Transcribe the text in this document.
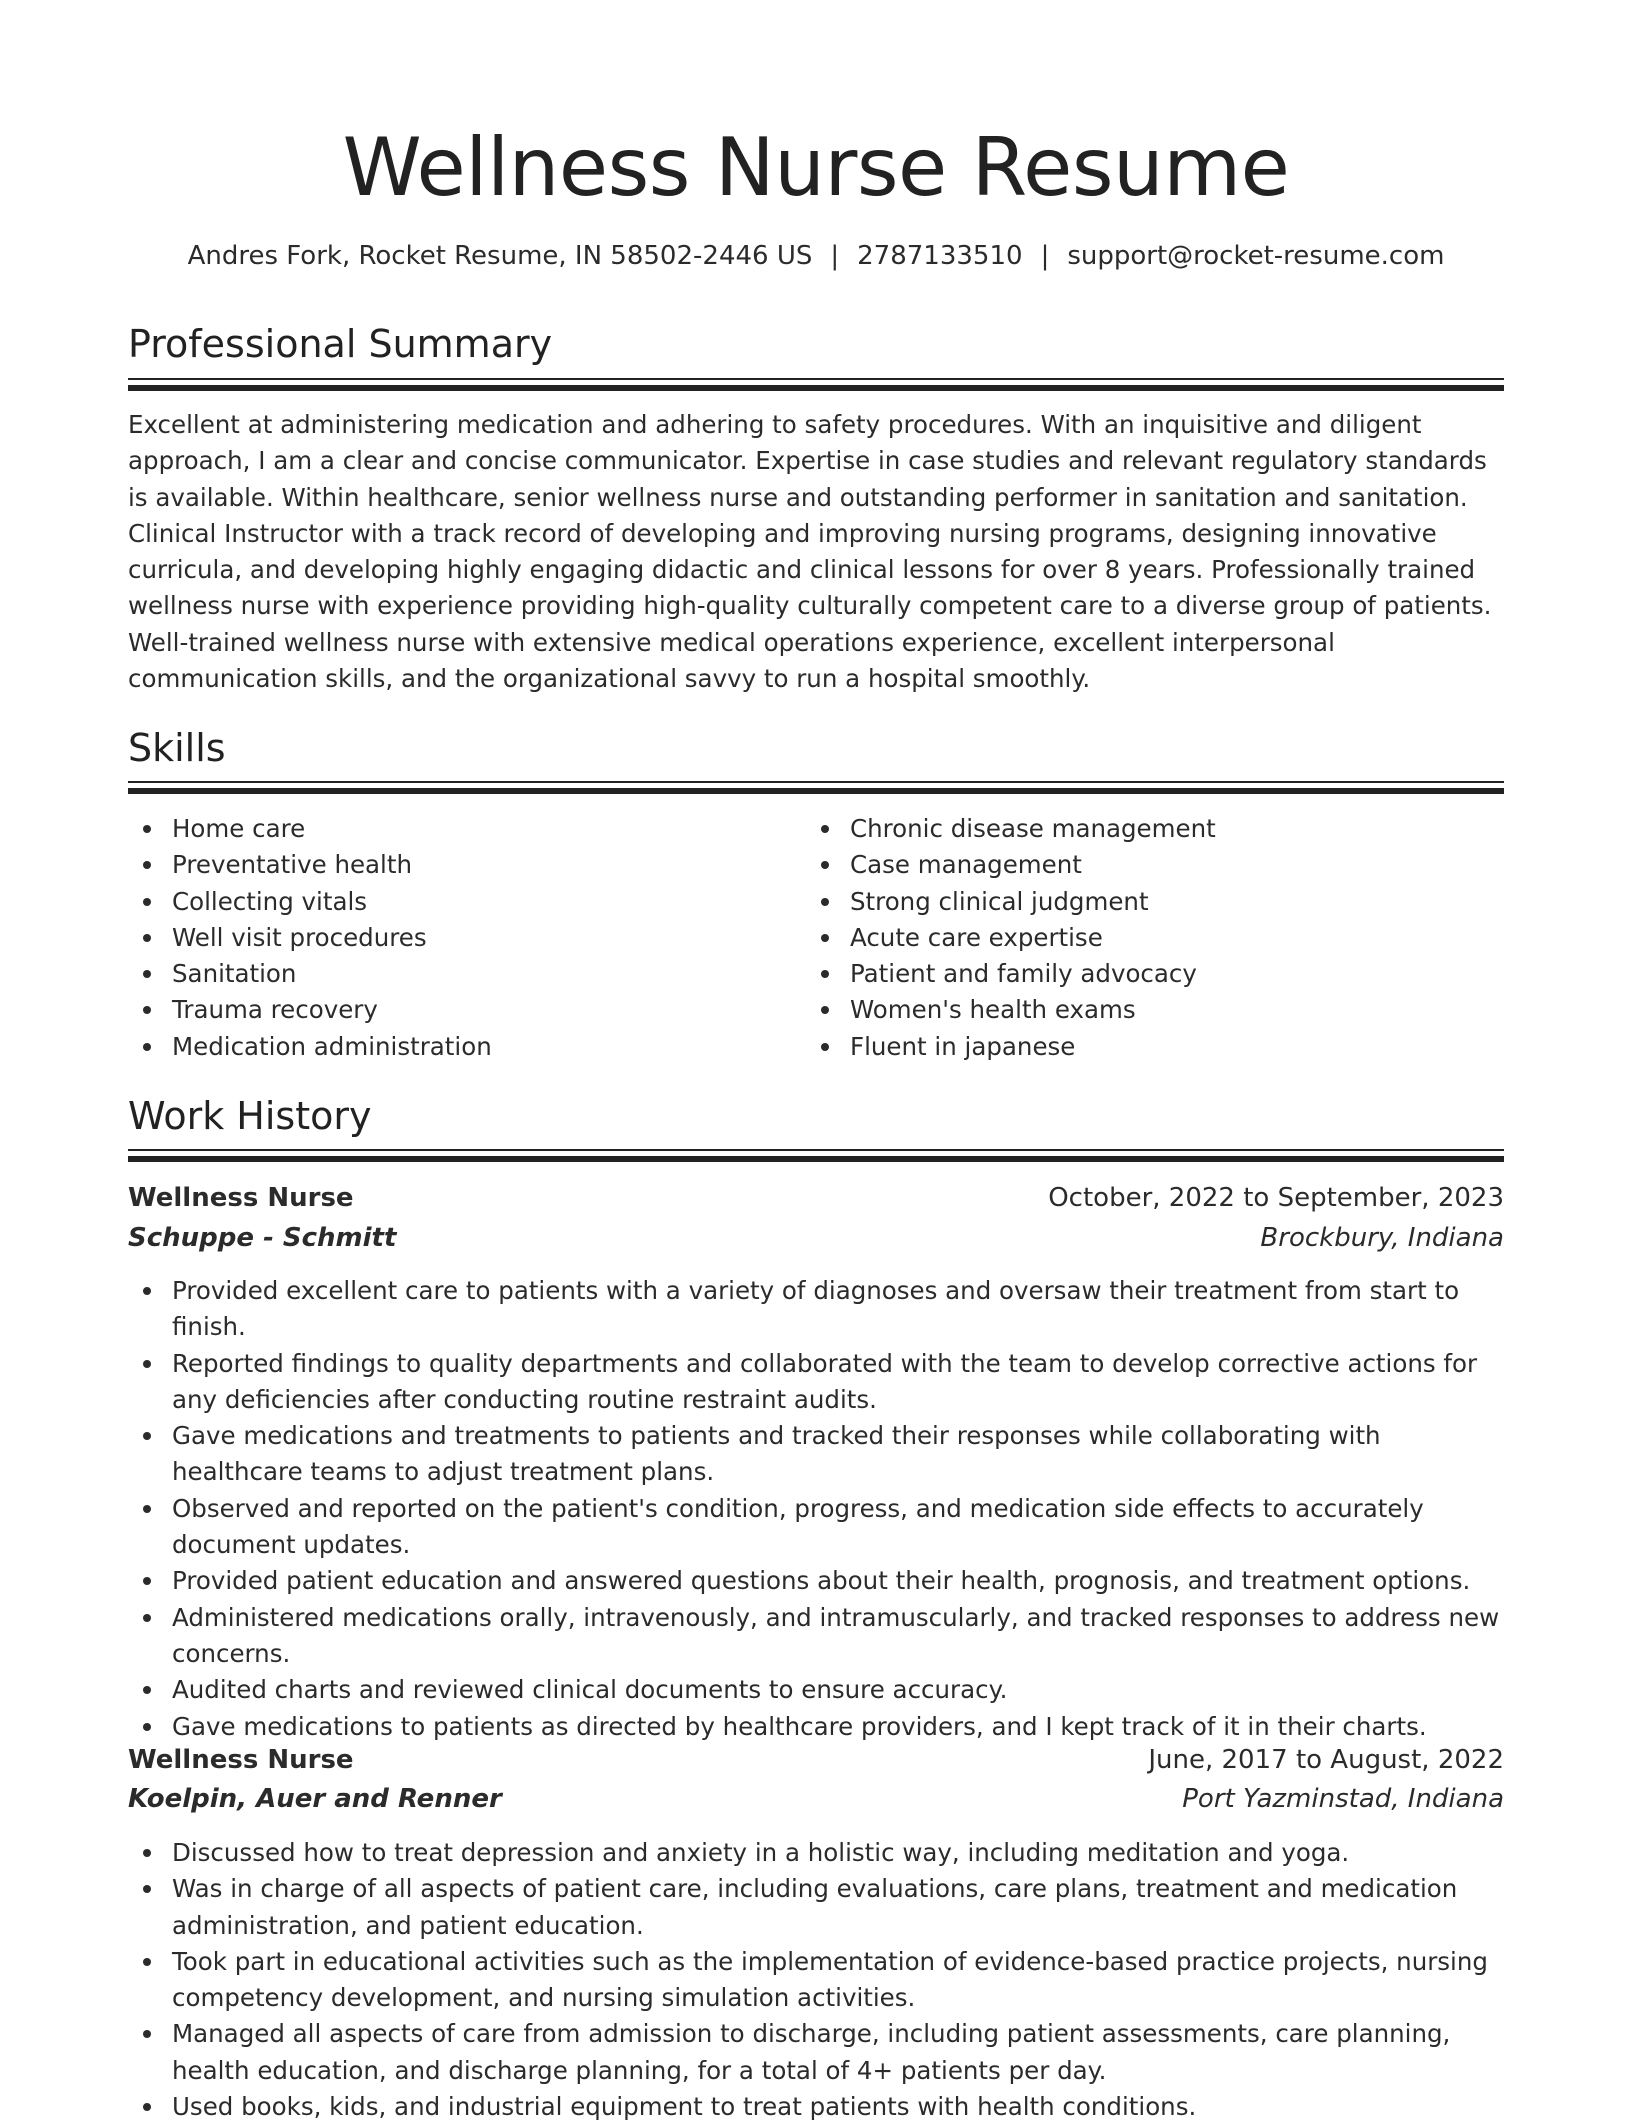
Wellness Nurse Resume
Andres Fork, Rocket Resume, IN 58502-2446 US | 2787133510 | support@rocket-resume.com
Professional Summary

Excellent at administering medication and adhering to safety procedures. With an inquisitive and diligent approach, I am a clear and concise communicator. Expertise in case studies and relevant regulatory standards is available. Within healthcare, senior wellness nurse and outstanding performer in sanitation and sanitation. Clinical Instructor with a track record of developing and improving nursing programs, designing innovative curricula, and developing highly engaging didactic and clinical lessons for over 8 years. Professionally trained wellness nurse with experience providing high-quality culturally competent care to a diverse group of patients. Well-trained wellness nurse with extensive medical operations experience, excellent interpersonal communication skills, and the organizational savvy to run a hospital smoothly.

Skills
Home care
Preventative health
Collecting vitals
Well visit procedures
Sanitation
Trauma recovery
Medication administration
Chronic disease management
Case management
Strong clinical judgment
Acute care expertise
Patient and family advocacy
Women's health exams
Fluent in japanese
Work History
Wellness Nurse	October, 2022 to September, 2023
Schuppe - Schmitt	Brockbury, Indiana
Provided excellent care to patients with a variety of diagnoses and oversaw their treatment from start to finish.
Reported findings to quality departments and collaborated with the team to develop corrective actions for any deficiencies after conducting routine restraint audits.
Gave medications and treatments to patients and tracked their responses while collaborating with healthcare teams to adjust treatment plans.
Observed and reported on the patient's condition, progress, and medication side effects to accurately document updates.
Provided patient education and answered questions about their health, prognosis, and treatment options.
Administered medications orally, intravenously, and intramuscularly, and tracked responses to address new concerns.
Audited charts and reviewed clinical documents to ensure accuracy.
Gave medications to patients as directed by healthcare providers, and I kept track of it in their charts.
Wellness Nurse	June, 2017 to August, 2022
Koelpin, Auer and Renner	Port Yazminstad, Indiana
Discussed how to treat depression and anxiety in a holistic way, including meditation and yoga.
Was in charge of all aspects of patient care, including evaluations, care plans, treatment and medication administration, and patient education.
Took part in educational activities such as the implementation of evidence-based practice projects, nursing competency development, and nursing simulation activities.
Managed all aspects of care from admission to discharge, including patient assessments, care planning, health education, and discharge planning, for a total of 4+ patients per day.
Used books, kids, and industrial equipment to treat patients with health conditions.
